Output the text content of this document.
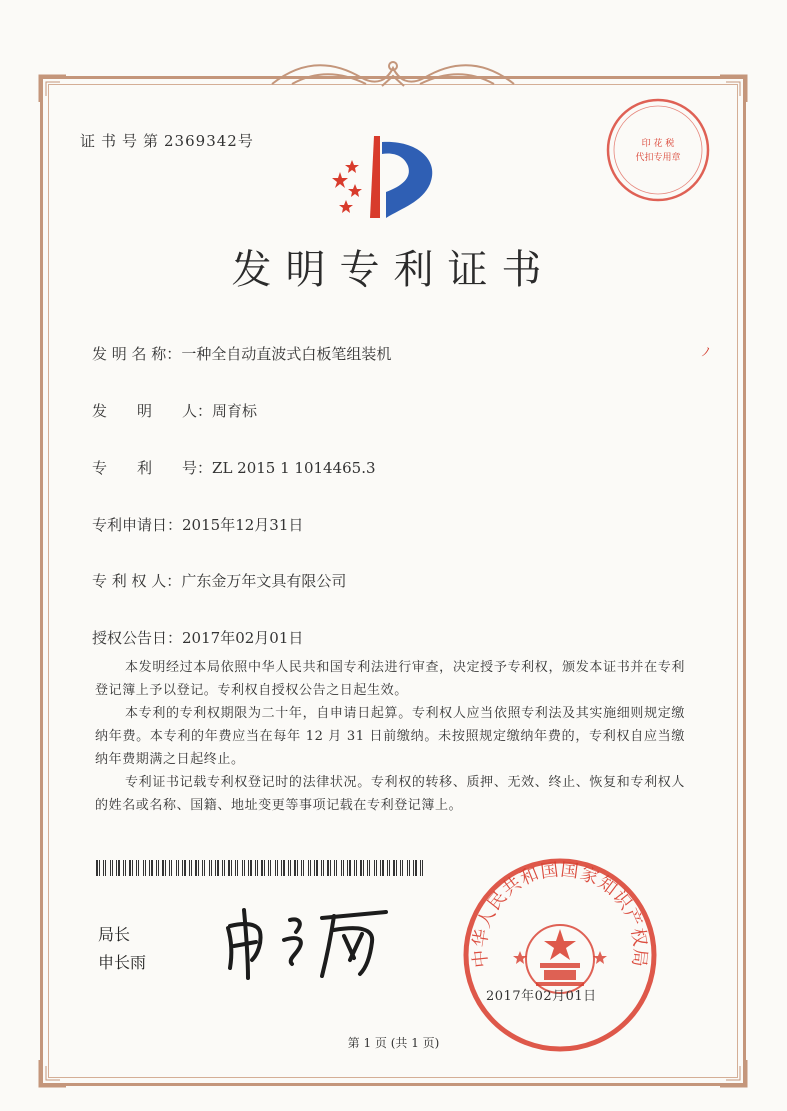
证书号第2369342号	印 花 税
代扣专用章
发明专利证书
ノ
发 明 名 称：一种全自动直波式白板笔组装机
发　　明　　人：周育标
专　　利　　号：ZL 2015 1 1014465.3
专利申请日：2015年12月31日
专 利 权 人：广东金万年文具有限公司
授权公告日：2017年02月01日

本发明经过本局依照中华人民共和国专利法进行审查，决定授予专利权，颁发本证书并在专利登记簿上予以登记。专利权自授权公告之日起生效。

本专利的专利权期限为二十年，自申请日起算。专利权人应当依照专利法及其实施细则规定缴纳年费。本专利的年费应当在每年 12 月 31 日前缴纳。未按照规定缴纳年费的，专利权自应当缴纳年费期满之日起终止。

专利证书记载专利权登记时的法律状况。专利权的转移、质押、无效、终止、恢复和专利权人的姓名或名称、国籍、地址变更等事项记载在专利登记簿上。

局长
申长雨	中华人民共和国国家知识产权局
2017年02月01日
第 1 页 (共 1 页)
